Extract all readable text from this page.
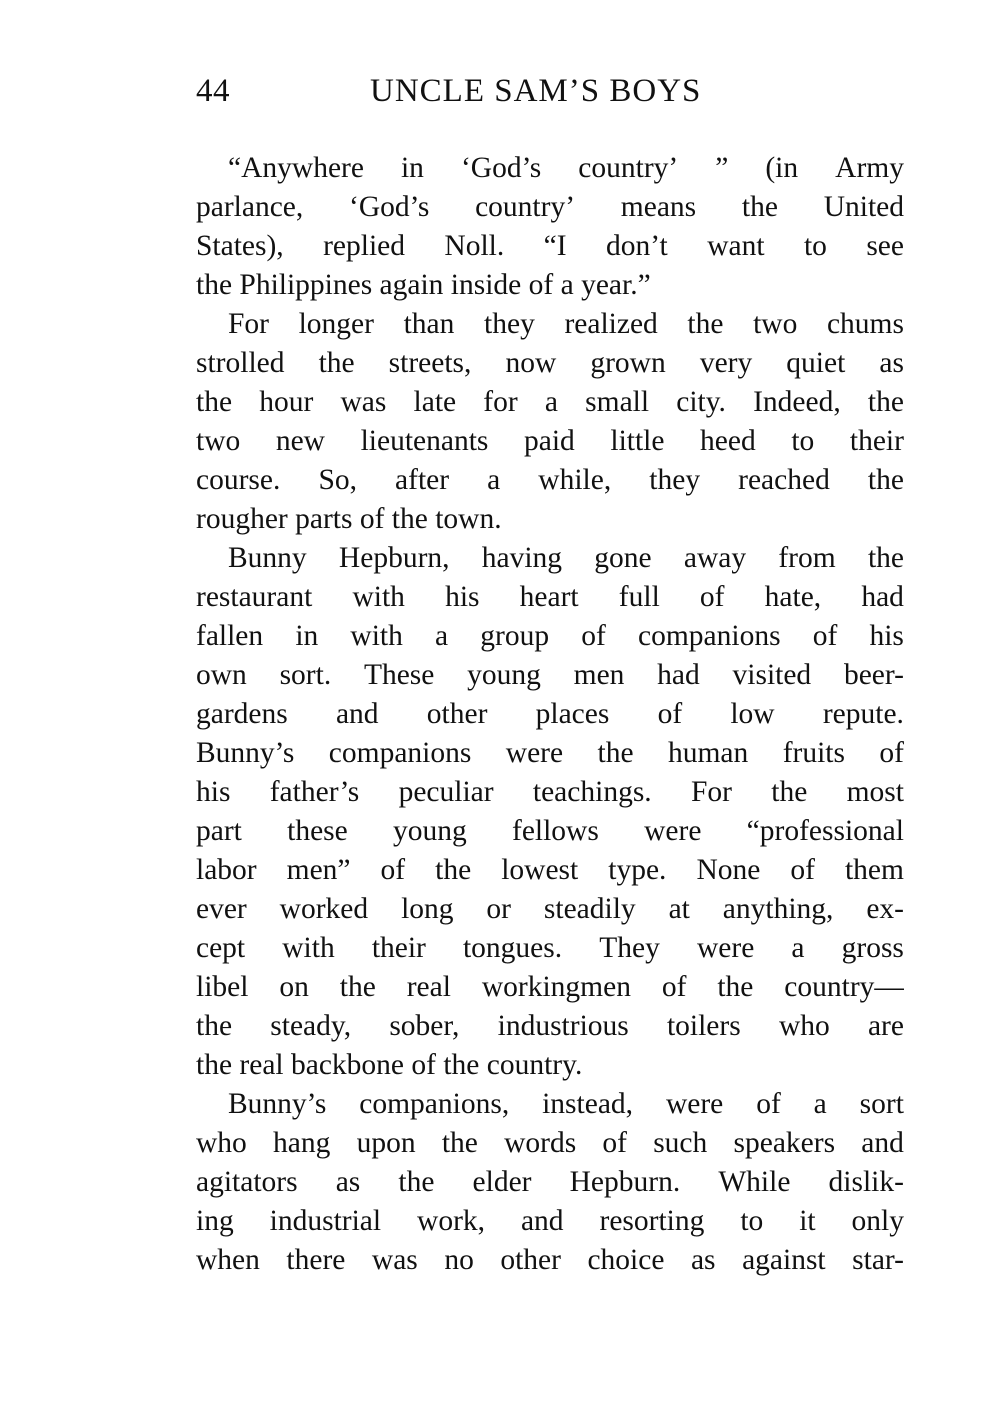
44	UNCLE SAM’S BOYS
“Anywhere in ‘God’s country’ ” (in Army
parlance, ‘God’s country’ means the United
States), replied Noll. “I don’t want to see
the Philippines again inside of a year.”
For longer than they realized the two chums
strolled the streets, now grown very quiet as
the hour was late for a small city. Indeed, the
two new lieutenants paid little heed to their
course. So, after a while, they reached the
rougher parts of the town.
Bunny Hepburn, having gone away from the
restaurant with his heart full of hate, had
fallen in with a group of companions of his
own sort. These young men had visited beer-
gardens and other places of low repute.
Bunny’s companions were the human fruits of
his father’s peculiar teachings. For the most
part these young fellows were “professional
labor men” of the lowest type. None of them
ever worked long or steadily at anything, ex-
cept with their tongues. They were a gross
libel on the real workingmen of the country—
the steady, sober, industrious toilers who are
the real backbone of the country.
Bunny’s companions, instead, were of a sort
who hang upon the words of such speakers and
agitators as the elder Hepburn. While dislik-
ing industrial work, and resorting to it only
when there was no other choice as against star-
